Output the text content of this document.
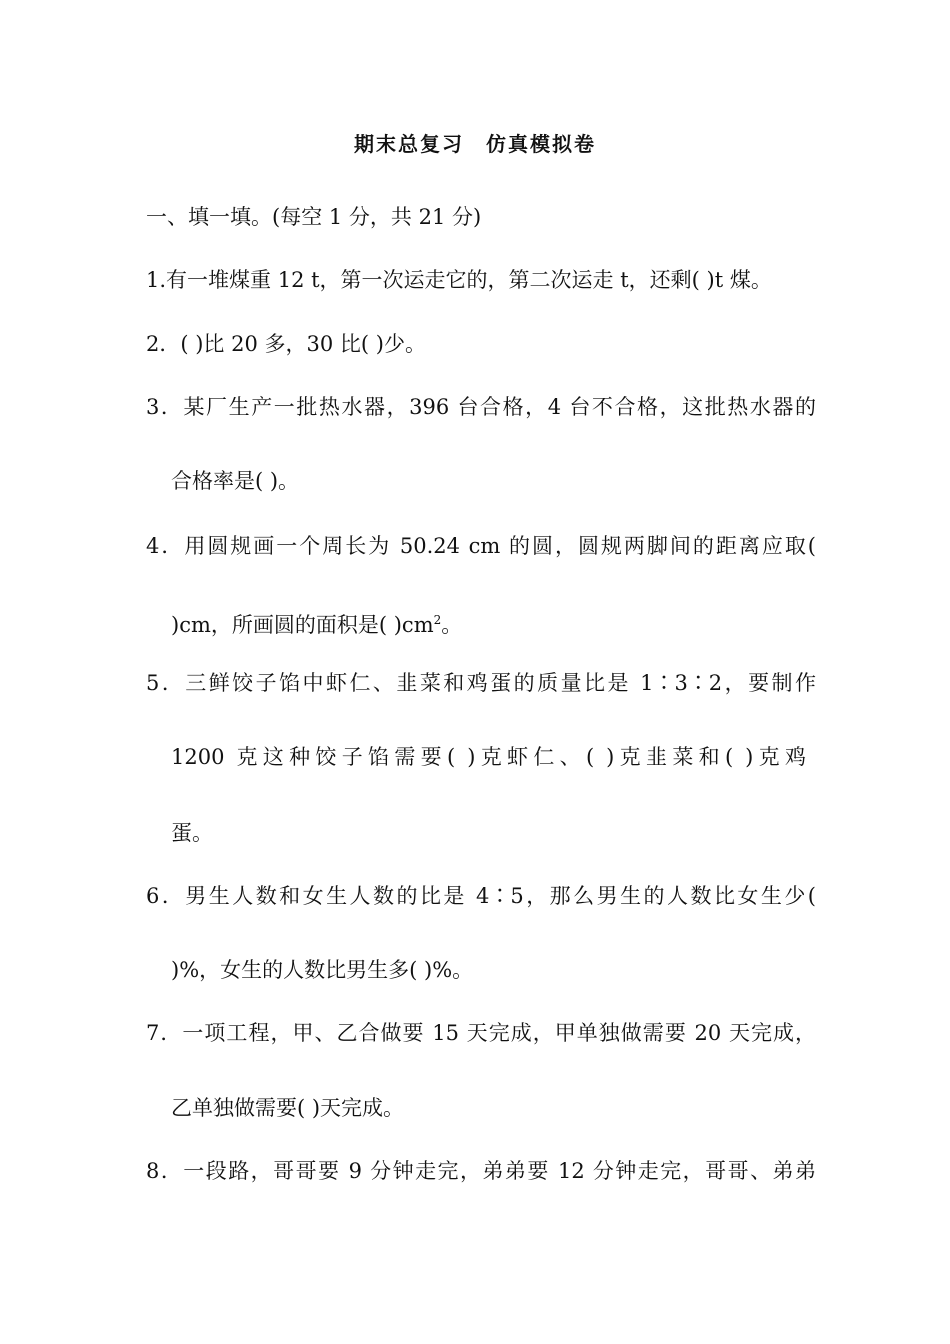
期末总复习　仿真模拟卷
一、填一填。(每空 1 分，共 21 分)
1.有一堆煤重 12 t，第一次运走它的，第二次运走 t，还剩( )t 煤。
2．( )比 20 多，30 比( )少。
3．某厂生产一批热水器，396 台合格，4 台不合格，这批热水器的
合格率是( )。
4．用圆规画一个周长为 50.24 cm 的圆，圆规两脚间的距离应取(
)cm，所画圆的面积是( )$cm^2$。
5．三鲜饺子馅中虾仁、韭菜和鸡蛋的质量比是 1∶3∶2，要制作
1200 克这种饺子馅需要( )克虾仁、( )克韭菜和( )克鸡
蛋。
6．男生人数和女生人数的比是 4∶5，那么男生的人数比女生少(
)%，女生的人数比男生多( )%。
7．一项工程，甲、乙合做要 15 天完成，甲单独做需要 20 天完成，
乙单独做需要( )天完成。
8．一段路，哥哥要 9 分钟走完，弟弟要 12 分钟走完，哥哥、弟弟
